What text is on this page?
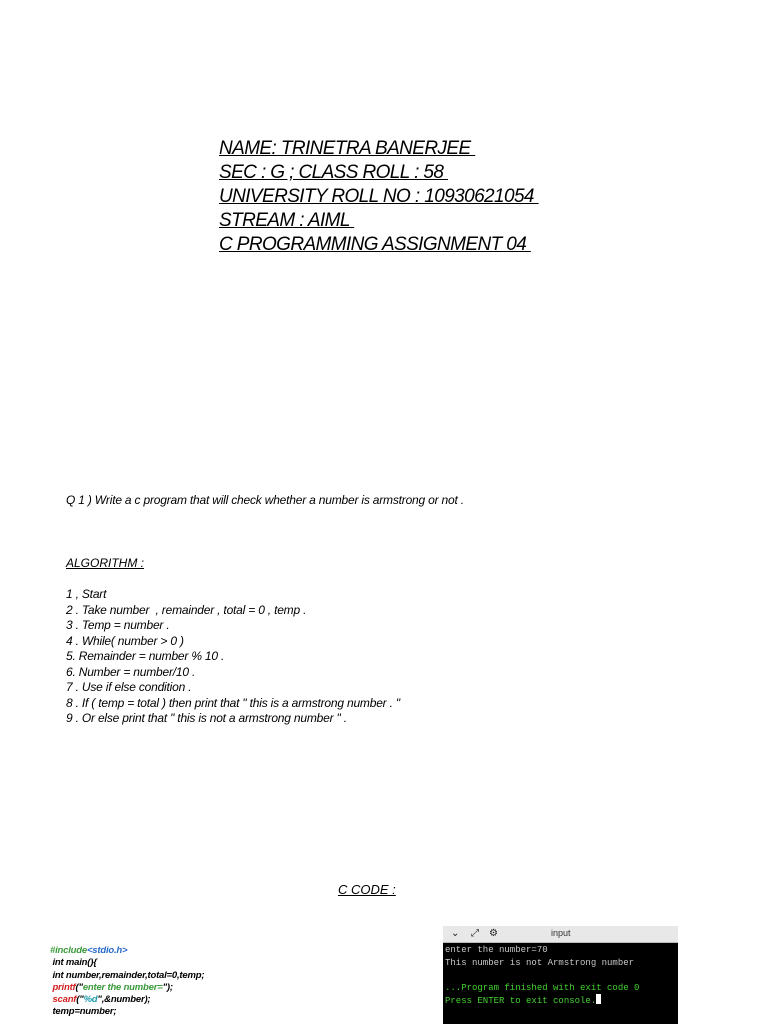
NAME: TRINETRA BANERJEE
SEC : G ; CLASS ROLL : 58
UNIVERSITY ROLL NO : 10930621054
STREAM : AIML
C PROGRAMMING ASSIGNMENT 04
Q 1 ) Write a c program that will check whether a number is armstrong or not .
ALGORITHM :
1 , Start
2 . Take number  , remainder , total = 0 , temp .
3 . Temp = number .
4 . While( number > 0 )
5. Remainder = number % 10 .
6. Number = number/10 .
7 . Use if else condition .
8 . If ( temp = total ) then print that " this is a armstrong number . "
9 . Or else print that " this is not a armstrong number " .
C CODE :
#include<stdio.h>
int main(){
int number,remainder,total=0,temp;
printf("enter the number=");
scanf("%d",&number);
temp=number;
⌄ ⤢ ⚙	input
enter the number=70
This number is not Armstrong number
...Program finished with exit code 0
Press ENTER to exit console.
